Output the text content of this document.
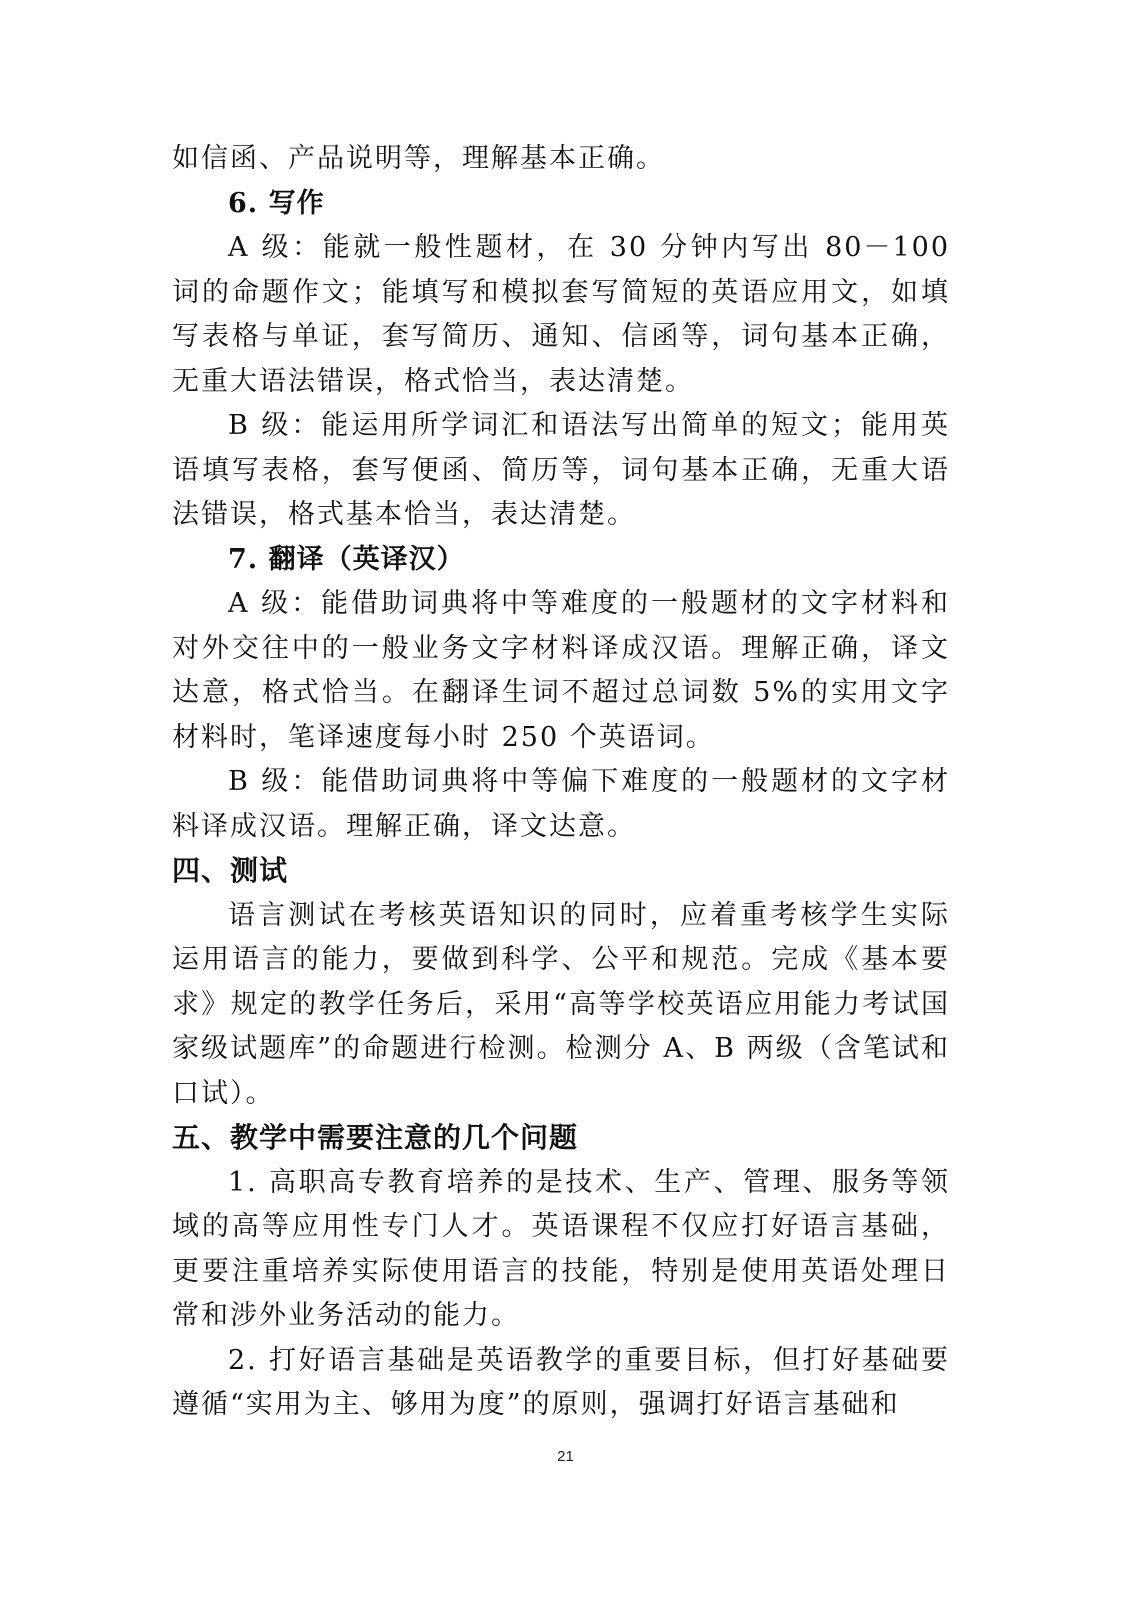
如信函、产品说明等，理解基本正确。

6. 写作

A 级：能就一般性题材，在 30 分钟内写出 80－100 词的命题作文；能填写和模拟套写简短的英语应用文，如填写表格与单证，套写简历、通知、信函等，词句基本正确，无重大语法错误，格式恰当，表达清楚。

B 级：能运用所学词汇和语法写出简单的短文；能用英语填写表格，套写便函、简历等，词句基本正确，无重大语法错误，格式基本恰当，表达清楚。

7. 翻译（英译汉）

A 级：能借助词典将中等难度的一般题材的文字材料和对外交往中的一般业务文字材料译成汉语。理解正确，译文达意，格式恰当。在翻译生词不超过总词数 5%的实用文字材料时，笔译速度每小时 250 个英语词。

B 级：能借助词典将中等偏下难度的一般题材的文字材料译成汉语。理解正确，译文达意。

四、测试

语言测试在考核英语知识的同时，应着重考核学生实际运用语言的能力，要做到科学、公平和规范。完成《基本要求》规定的教学任务后，采用“高等学校英语应用能力考试国家级试题库”的命题进行检测。检测分 A、B 两级（含笔试和口试）。

五、教学中需要注意的几个问题

1. 高职高专教育培养的是技术、生产、管理、服务等领域的高等应用性专门人才。英语课程不仅应打好语言基础，更要注重培养实际使用语言的技能，特别是使用英语处理日常和涉外业务活动的能力。

2. 打好语言基础是英语教学的重要目标，但打好基础要遵循“实用为主、够用为度”的原则，强调打好语言基础和

21
